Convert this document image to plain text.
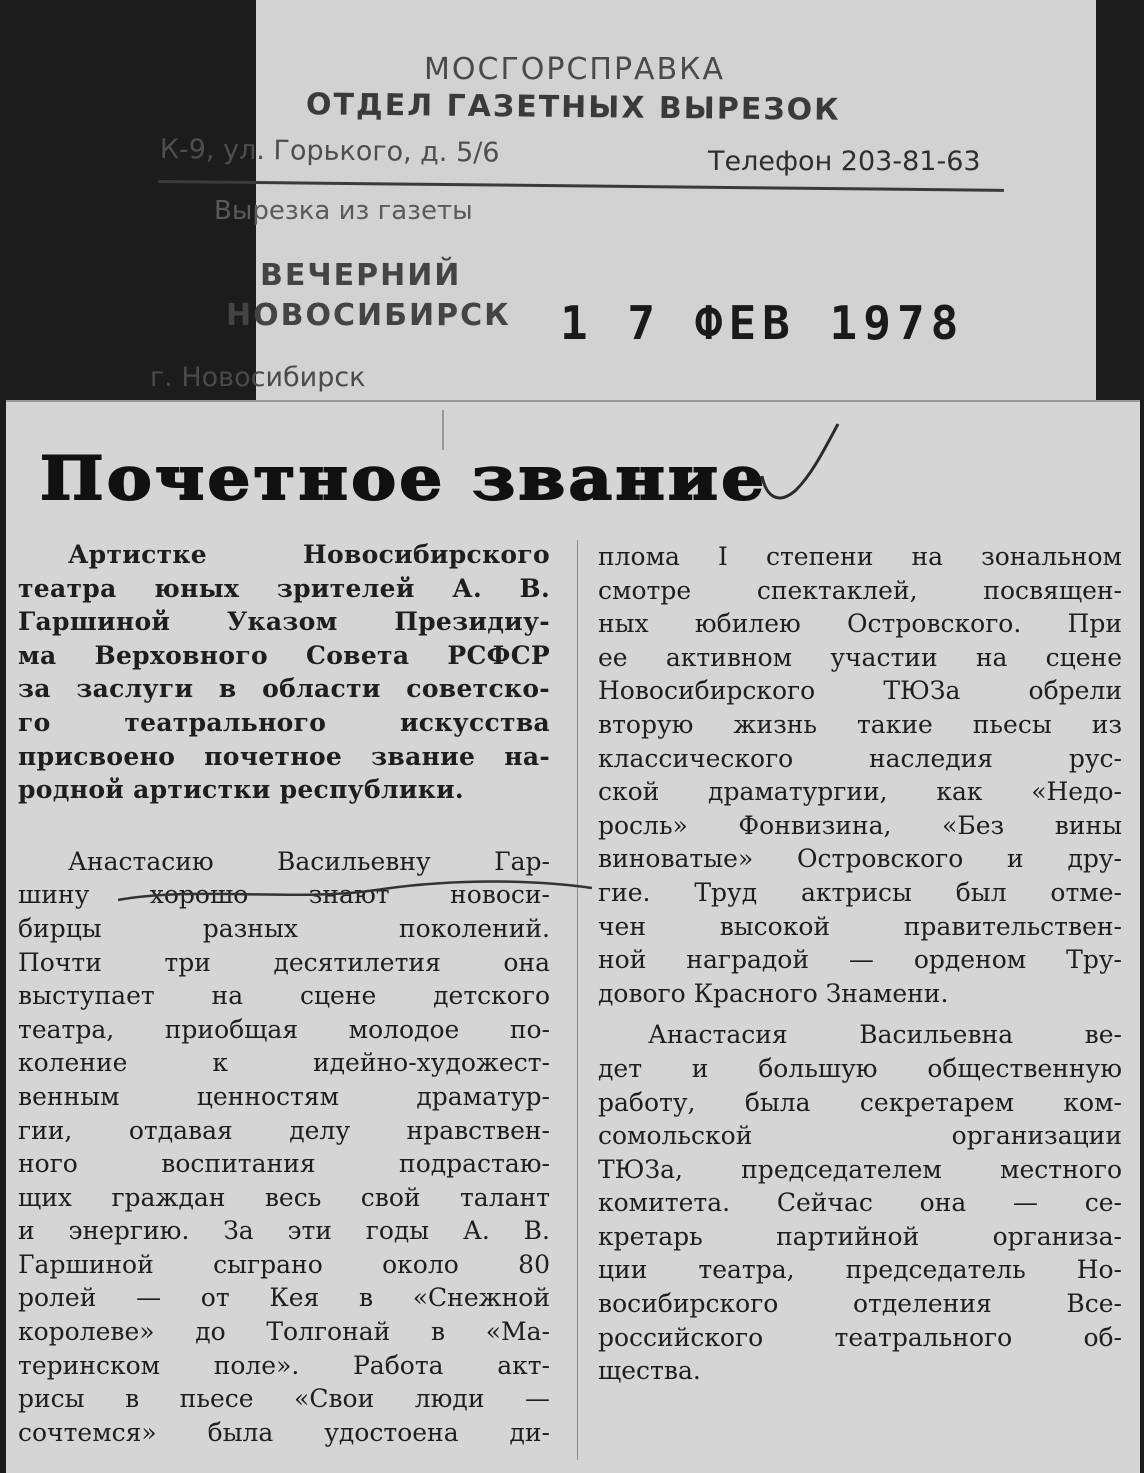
МОСГОРСПРАВКА
ОТДЕЛ ГАЗЕТНЫХ ВЫРЕЗОК
К-9, ул. Горького, д. 5/6	Телефон 203-81-63
Вырезка из газеты
ВЕЧЕРНИЙ
НОВОСИБИРСК 1 7 ФЕВ 1978
г. Новосибирск
Почетное звание

Артистке Новосибирского

театра юных зрителей А. В.

Гаршиной Указом Президиу-

ма Верховного Совета РСФСР

за заслуги в области советско-

го театрального искусства

присвоено почетное звание на-

родной артистки республики.

Анастасию Васильевну Гар-

шину хорошо знают новоси-

бирцы разных поколений.

Почти три десятилетия она

выступает на сцене детского

театра, приобщая молодое по-

коление к идейно-художест-

венным ценностям драматур-

гии, отдавая делу нравствен-

ного воспитания подрастаю-

щих граждан весь свой талант

и энергию. За эти годы А. В.

Гаршиной сыграно около 80

ролей — от Кея в «Снежной

королеве» до Толгонай в «Ма-

теринском поле». Работа акт-

рисы в пьесе «Свои люди —

сочтемся» была удостоена ди-

плома I степени на зональном

смотре спектаклей, посвящен-

ных юбилею Островского. При

ее активном участии на сцене

Новосибирского ТЮЗа обрели

вторую жизнь такие пьесы из

классического наследия рус-

ской драматургии, как «Недо-

росль» Фонвизина, «Без вины

виноватые» Островского и дру-

гие. Труд актрисы был отме-

чен высокой правительствен-

ной наградой — орденом Тру-

дового Красного Знамени.

Анастасия Васильевна ве-

дет и большую общественную

работу, была секретарем ком-

сомольской организации

ТЮЗа, председателем местного

комитета. Сейчас она — се-

кретарь партийной организа-

ции театра, председатель Но-

восибирского отделения Все-

российского театрального об-

щества.
